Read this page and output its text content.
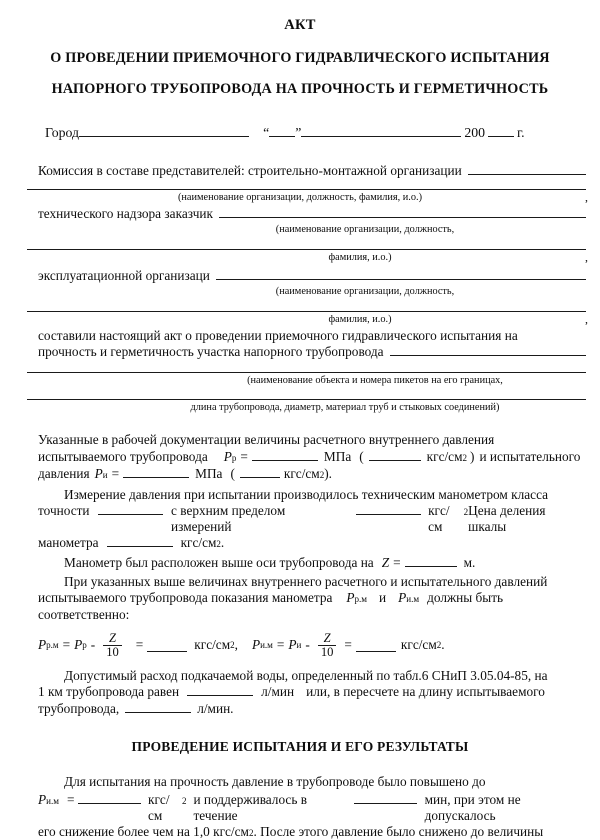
АКТ
О ПРОВЕДЕНИИ ПРИЕМОЧНОГО ГИДРАВЛИЧЕСКОГО ИСПЫТАНИЯ
НАПОРНОГО ТРУБОПРОВОДА НА ПРОЧНОСТЬ И ГЕРМЕТИЧНОСТЬ
Город	“ ”	200 г.
Комиссия в составе представителей: строительно-монтажной организации
,
(наименование организации, должность, фамилия, и.о.)
технического надзора заказчик
(наименование организации, должность,
,
фамилия, и.о.)
эксплуатационной организаци
(наименование организации, должность,
,
фамилия, и.о.)
составили настоящий акт о проведении приемочного гидравлического испытания на
прочность и герметичность участка напорного трубопровода
(наименование объекта и номера пикетов на его границах,
длина трубопровода, диаметр, материал труб и стыковых соединений)
Указанные в рабочей документации величины расчетного внутреннего давления
испытываемого трубопровода P р =	МПа (	кгс/см 2 ) и испытательного
давления P и =	МПа (	кгс/см 2 ) .
Измерение давления при испытании производилось техническим манометром класса
точности	с верхним пределом измерений
кгс/см
$^2$ Цена деления шкалы
манометра	кгс/см 2 .
Манометр был расположен выше оси трубопровода на Z =	м.
При указанных выше величинах внутреннего расчетного и испытательного давлений
испытываемого трубопровода показания манометра P р.м и P и.м должны быть
соответственно:
P р.м = P р - $\frac{Z}{10}$ =	кгс/см 2 , P и.м = P и - $\frac{Z}{10}$ =	кгс/см 2 .
Допустимый расход подкачаемой воды, определенный по табл.6 СНиП 3.05.04-85, на
1 км трубопровода равен	л/мин или, в пересчете на длину испытываемого
трубопровода,	л/мин.
ПРОВЕДЕНИЕ ИСПЫТАНИЯ И ЕГО РЕЗУЛЬТАТЫ
Для испытания на прочность давление в трубопроводе было повышено до
P и.м =	кгс/см
$^2$ и поддерживалось в течение
мин, при этом не допускалось
его снижение более чем на 1,0 кгс/см 2 . После этого давление было снижено до величины
